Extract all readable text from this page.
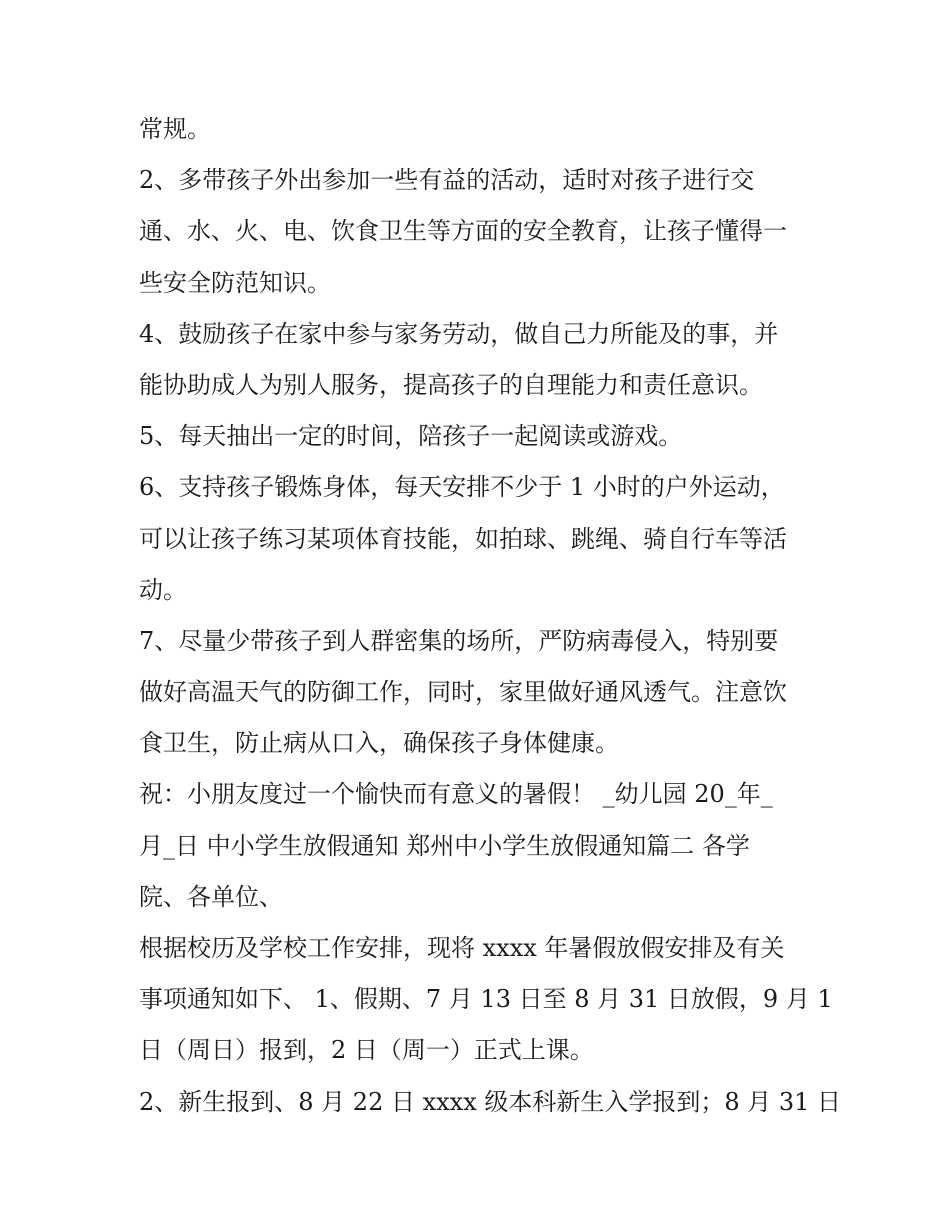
常规。
2、多带孩子外出参加一些有益的活动，适时对孩子进行交
通、水、火、电、饮食卫生等方面的安全教育，让孩子懂得一
些安全防范知识。
4、鼓励孩子在家中参与家务劳动，做自己力所能及的事，并
能协助成人为别人服务，提高孩子的自理能力和责任意识。
5、每天抽出一定的时间，陪孩子一起阅读或游戏。
6、支持孩子锻炼身体，每天安排不少于 1 小时的户外运动，
可以让孩子练习某项体育技能，如拍球、跳绳、骑自行车等活
动。
7、尽量少带孩子到人群密集的场所，严防病毒侵入，特别要
做好高温天气的防御工作，同时，家里做好通风透气。注意饮
食卫生，防止病从口入，确保孩子身体健康。
祝：小朋友度过一个愉快而有意义的暑假！ _幼儿园 20_年_
月_日 中小学生放假通知 郑州中小学生放假通知篇二 各学
院、各单位、
根据校历及学校工作安排，现将 xxxx 年暑假放假安排及有关
事项通知如下、 1、假期、7 月 13 日至 8 月 31 日放假，9 月 1
日（周日）报到，2 日（周一）正式上课。
2、新生报到、8 月 22 日 xxxx 级本科新生入学报到；8 月 31 日
